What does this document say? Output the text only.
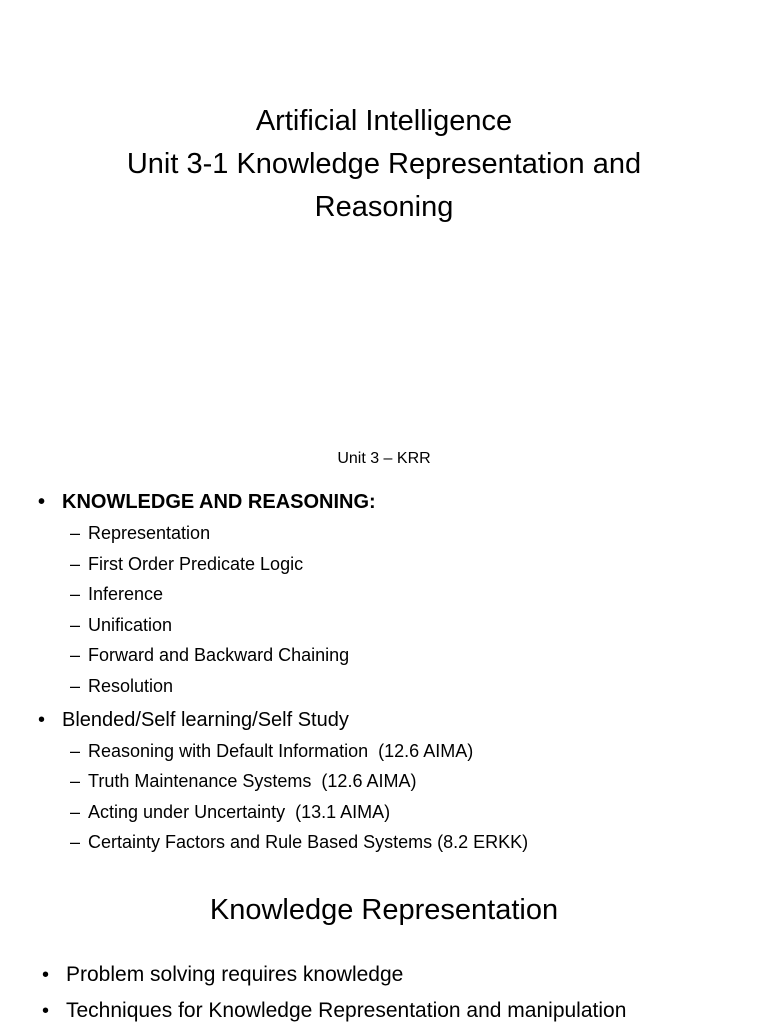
Artificial Intelligence
Unit 3-1 Knowledge Representation and
Reasoning
Unit 3 – KRR
• KNOWLEDGE AND REASONING:
– Representation
– First Order Predicate Logic
– Inference
– Unification
– Forward and Backward Chaining
– Resolution
• Blended/Self learning/Self Study
– Reasoning with Default Information  (12.6 AIMA)
– Truth Maintenance Systems  (12.6 AIMA)
– Acting under Uncertainty  (13.1 AIMA)
– Certainty Factors and Rule Based Systems (8.2 ERKK)
Knowledge Representation
• Problem solving requires knowledge
• Techniques for Knowledge Representation and manipulation
